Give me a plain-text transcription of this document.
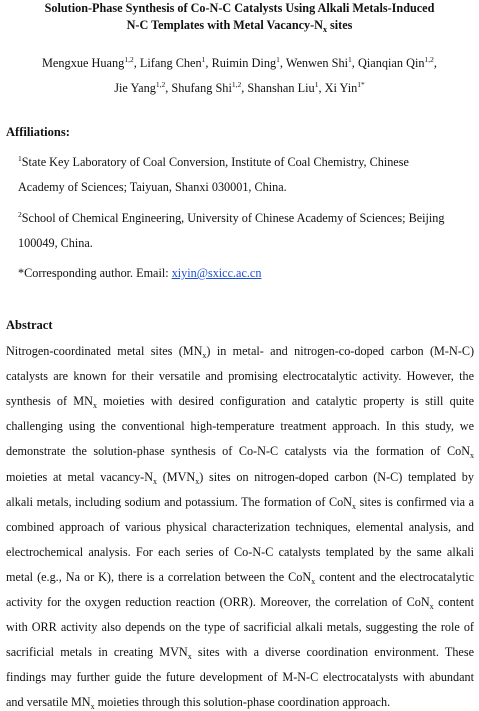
Solution-Phase Synthesis of Co-N-C Catalysts Using Alkali Metals-Induced
N-C Templates with Metal Vacancy-$N_x$ sites
Mengxue Huang$^{1,2}$, Lifang Chen$^1$, Ruimin Ding$^1$, Wenwen Shi$^1$, Qianqian Qin$^{1,2}$,
Jie Yang$^{1,2}$, Shufang Shi$^{1,2}$, Shanshan Liu$^1$, Xi Yin$^{1*}$
Affiliations:
$^1$State Key Laboratory of Coal Conversion, Institute of Coal Chemistry, Chinese
Academy of Sciences; Taiyuan, Shanxi 030001, China.
$^2$School of Chemical Engineering, University of Chinese Academy of Sciences; Beijing
100049, China.
*Corresponding author. Email: xiyin@sxicc.ac.cn
Abstract
Nitrogen-coordinated metal sites $(MN_x)$ in metal- and nitrogen-co-doped carbon (M-N-C)
catalysts are known for their versatile and promising electrocatalytic activity. However, the
synthesis of $MN_x$ moieties with desired configuration and catalytic property is still quite
challenging using the conventional high-temperature treatment approach. In this study, we
demonstrate the solution-phase synthesis of Co-N-C catalysts via the formation of CoN$_x$
moieties at metal vacancy-$N_x$ $(MVN_x)$ sites on nitrogen-doped carbon (N-C) templated by
alkali metals, including sodium and potassium. The formation of CoN$_x$ sites is confirmed via a
combined approach of various physical characterization techniques, elemental analysis, and
electrochemical analysis. For each series of Co-N-C catalysts templated by the same alkali
metal (e.g., Na or K), there is a correlation between the CoN$_x$ content and the electrocatalytic
activity for the oxygen reduction reaction (ORR). Moreover, the correlation of CoN$_x$ content
with ORR activity also depends on the type of sacrificial alkali metals, suggesting the role of
sacrificial metals in creating $MVN_x$ sites with a diverse coordination environment. These
findings may further guide the future development of M-N-C electrocatalysts with abundant
and versatile $MN_x$ moieties through this solution-phase coordination approach.
